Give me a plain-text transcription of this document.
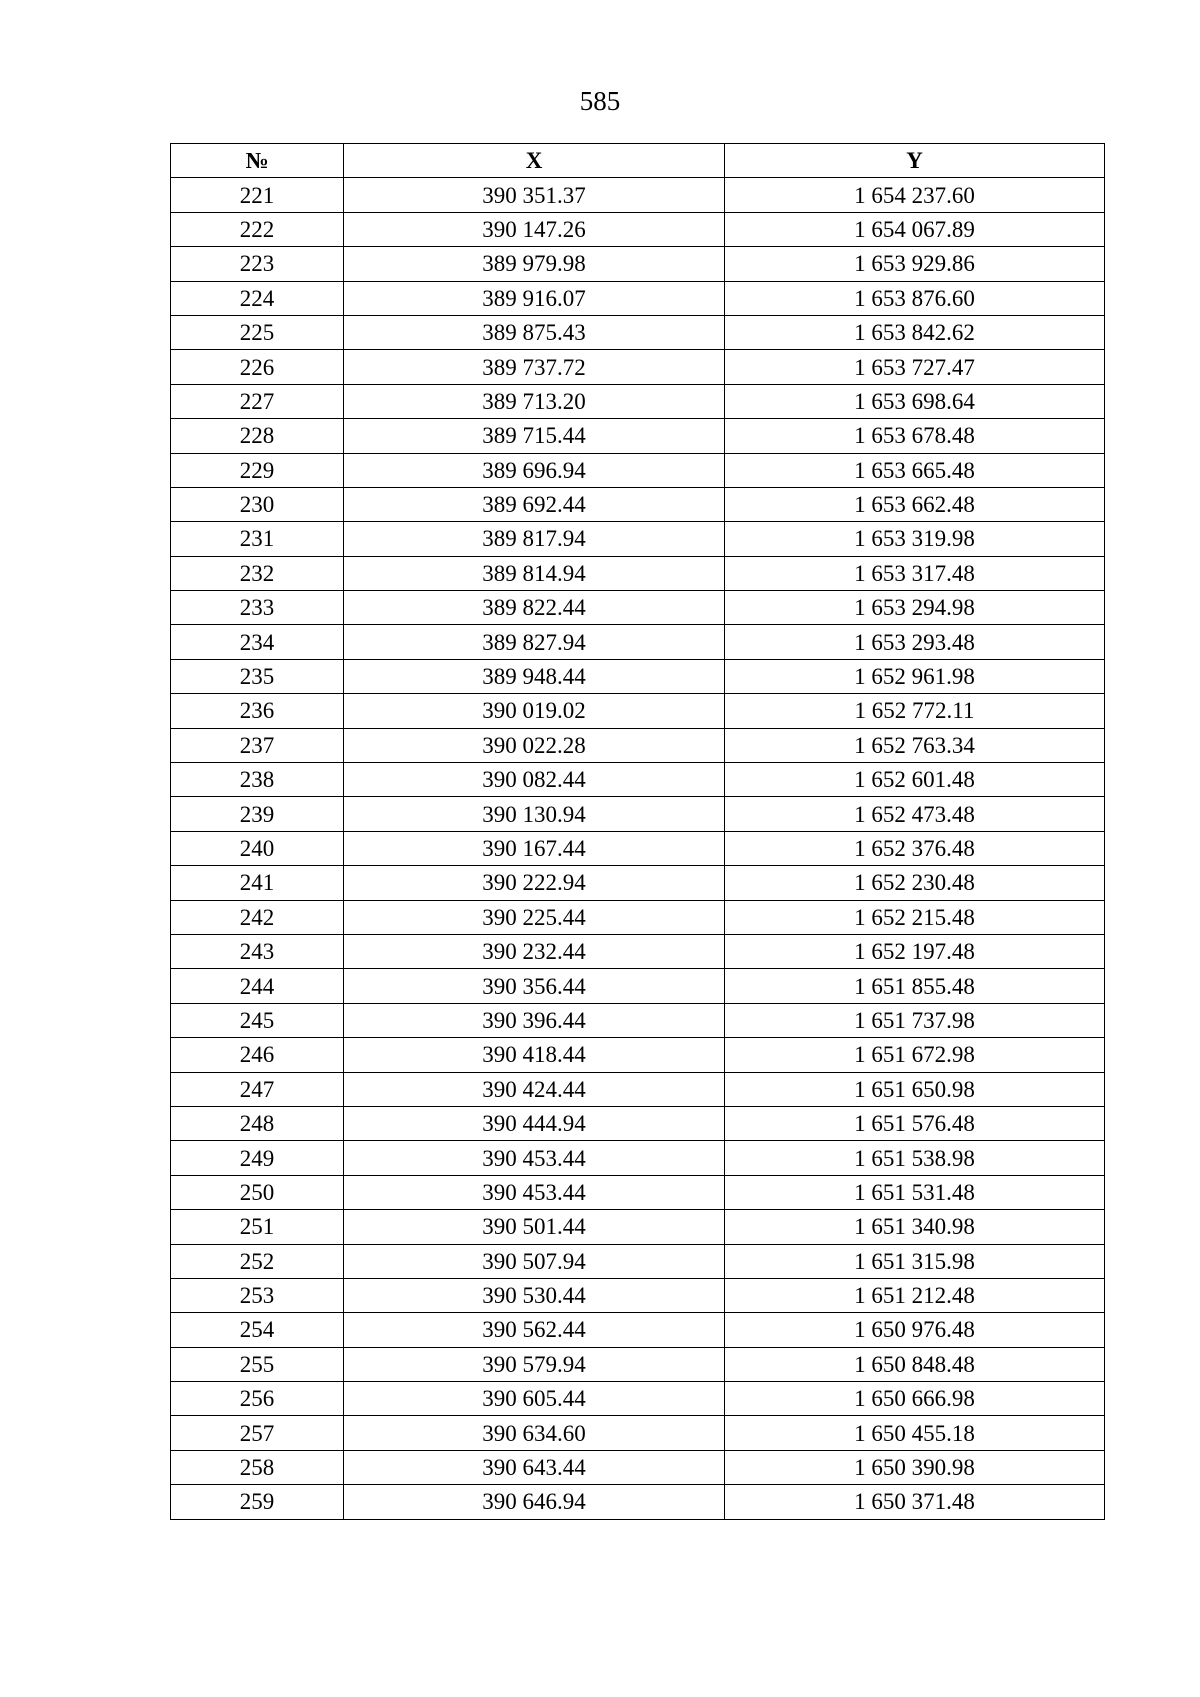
585
№	X	Y
221	390 351.37	1 654 237.60
222	390 147.26	1 654 067.89
223	389 979.98	1 653 929.86
224	389 916.07	1 653 876.60
225	389 875.43	1 653 842.62
226	389 737.72	1 653 727.47
227	389 713.20	1 653 698.64
228	389 715.44	1 653 678.48
229	389 696.94	1 653 665.48
230	389 692.44	1 653 662.48
231	389 817.94	1 653 319.98
232	389 814.94	1 653 317.48
233	389 822.44	1 653 294.98
234	389 827.94	1 653 293.48
235	389 948.44	1 652 961.98
236	390 019.02	1 652 772.11
237	390 022.28	1 652 763.34
238	390 082.44	1 652 601.48
239	390 130.94	1 652 473.48
240	390 167.44	1 652 376.48
241	390 222.94	1 652 230.48
242	390 225.44	1 652 215.48
243	390 232.44	1 652 197.48
244	390 356.44	1 651 855.48
245	390 396.44	1 651 737.98
246	390 418.44	1 651 672.98
247	390 424.44	1 651 650.98
248	390 444.94	1 651 576.48
249	390 453.44	1 651 538.98
250	390 453.44	1 651 531.48
251	390 501.44	1 651 340.98
252	390 507.94	1 651 315.98
253	390 530.44	1 651 212.48
254	390 562.44	1 650 976.48
255	390 579.94	1 650 848.48
256	390 605.44	1 650 666.98
257	390 634.60	1 650 455.18
258	390 643.44	1 650 390.98
259	390 646.94	1 650 371.48
